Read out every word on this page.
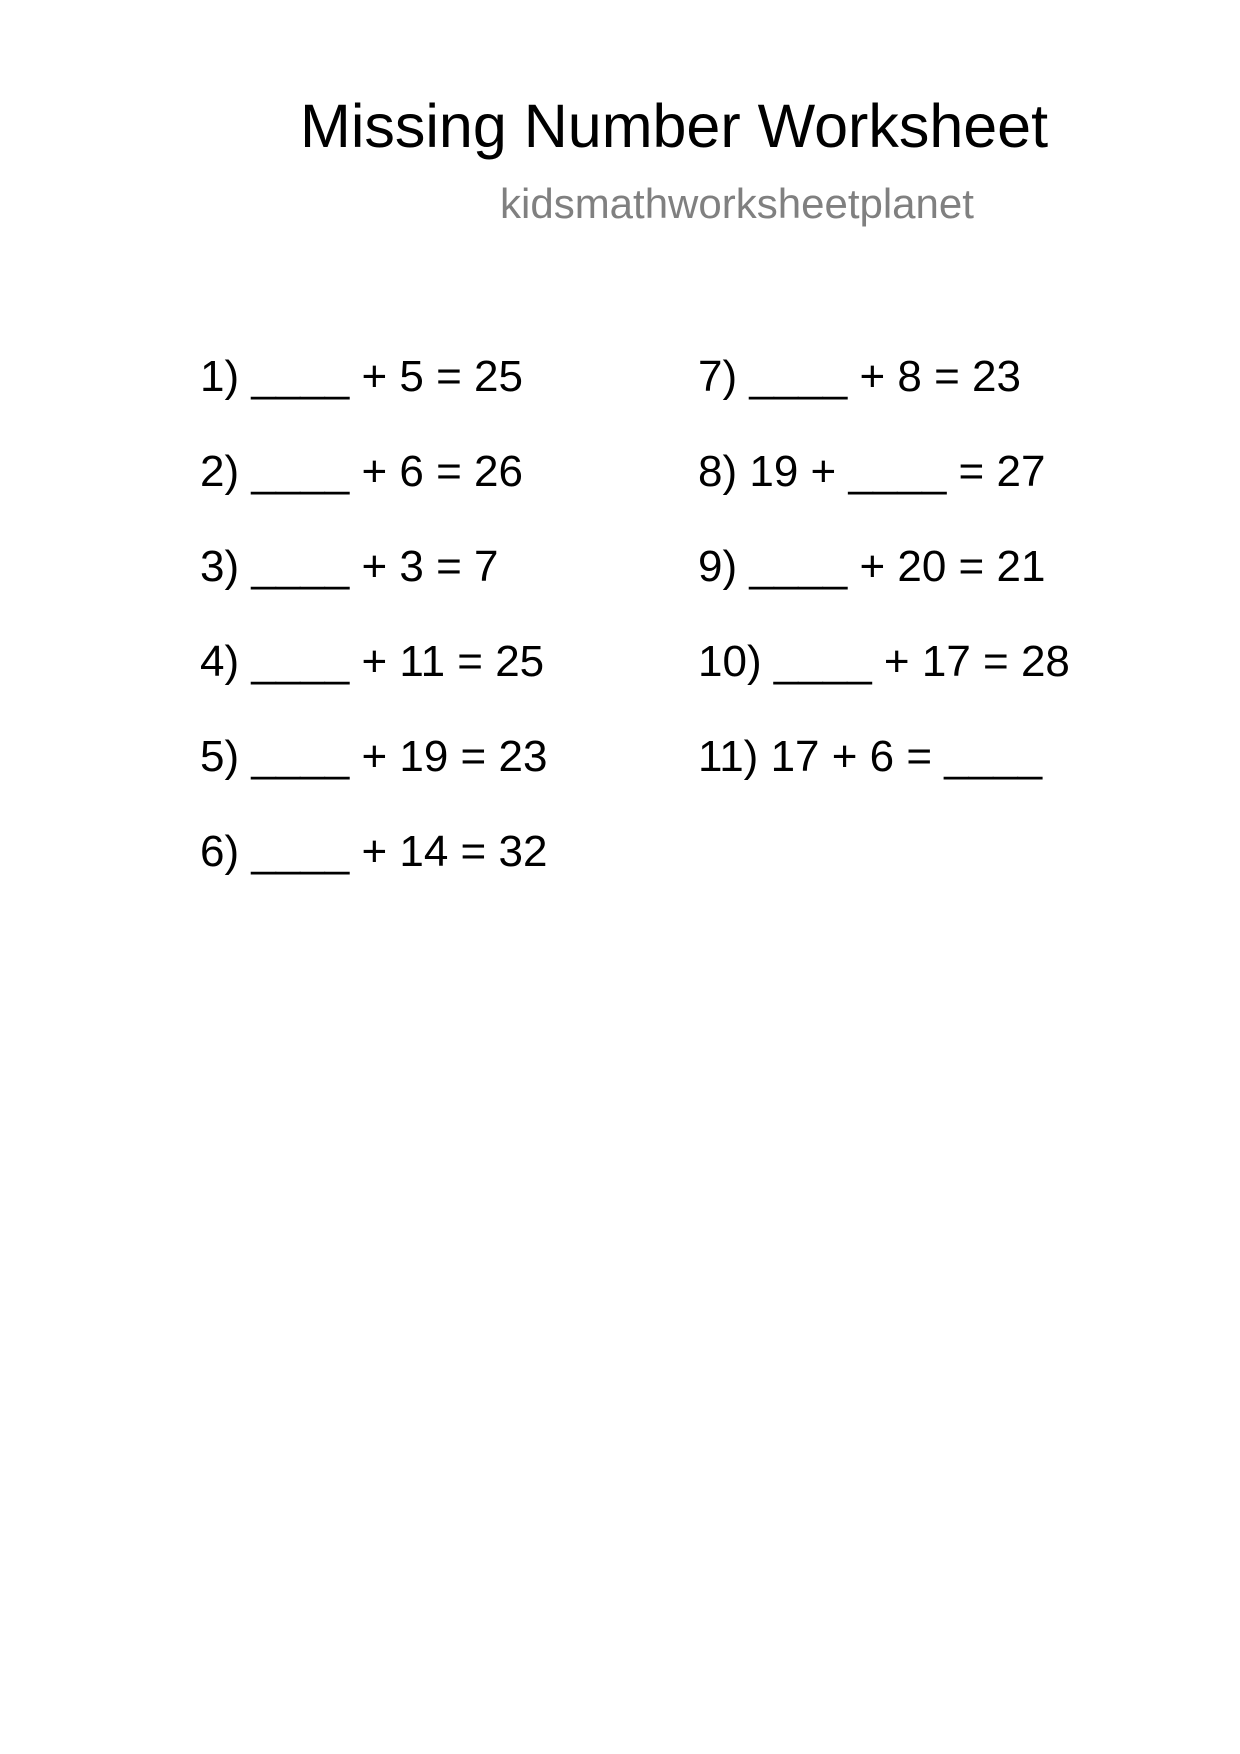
Missing Number Worksheet
kidsmathworksheetplanet
1) ____ + 5 = 25
2) ____ + 6 = 26
3) ____ + 3 = 7
4) ____ + 11 = 25
5) ____ + 19 = 23
6) ____ + 14 = 32
7) ____ + 8 = 23
8) 19 + ____ = 27
9) ____ + 20 = 21
10) ____ + 17 = 28
11) 17 + 6 = ____
